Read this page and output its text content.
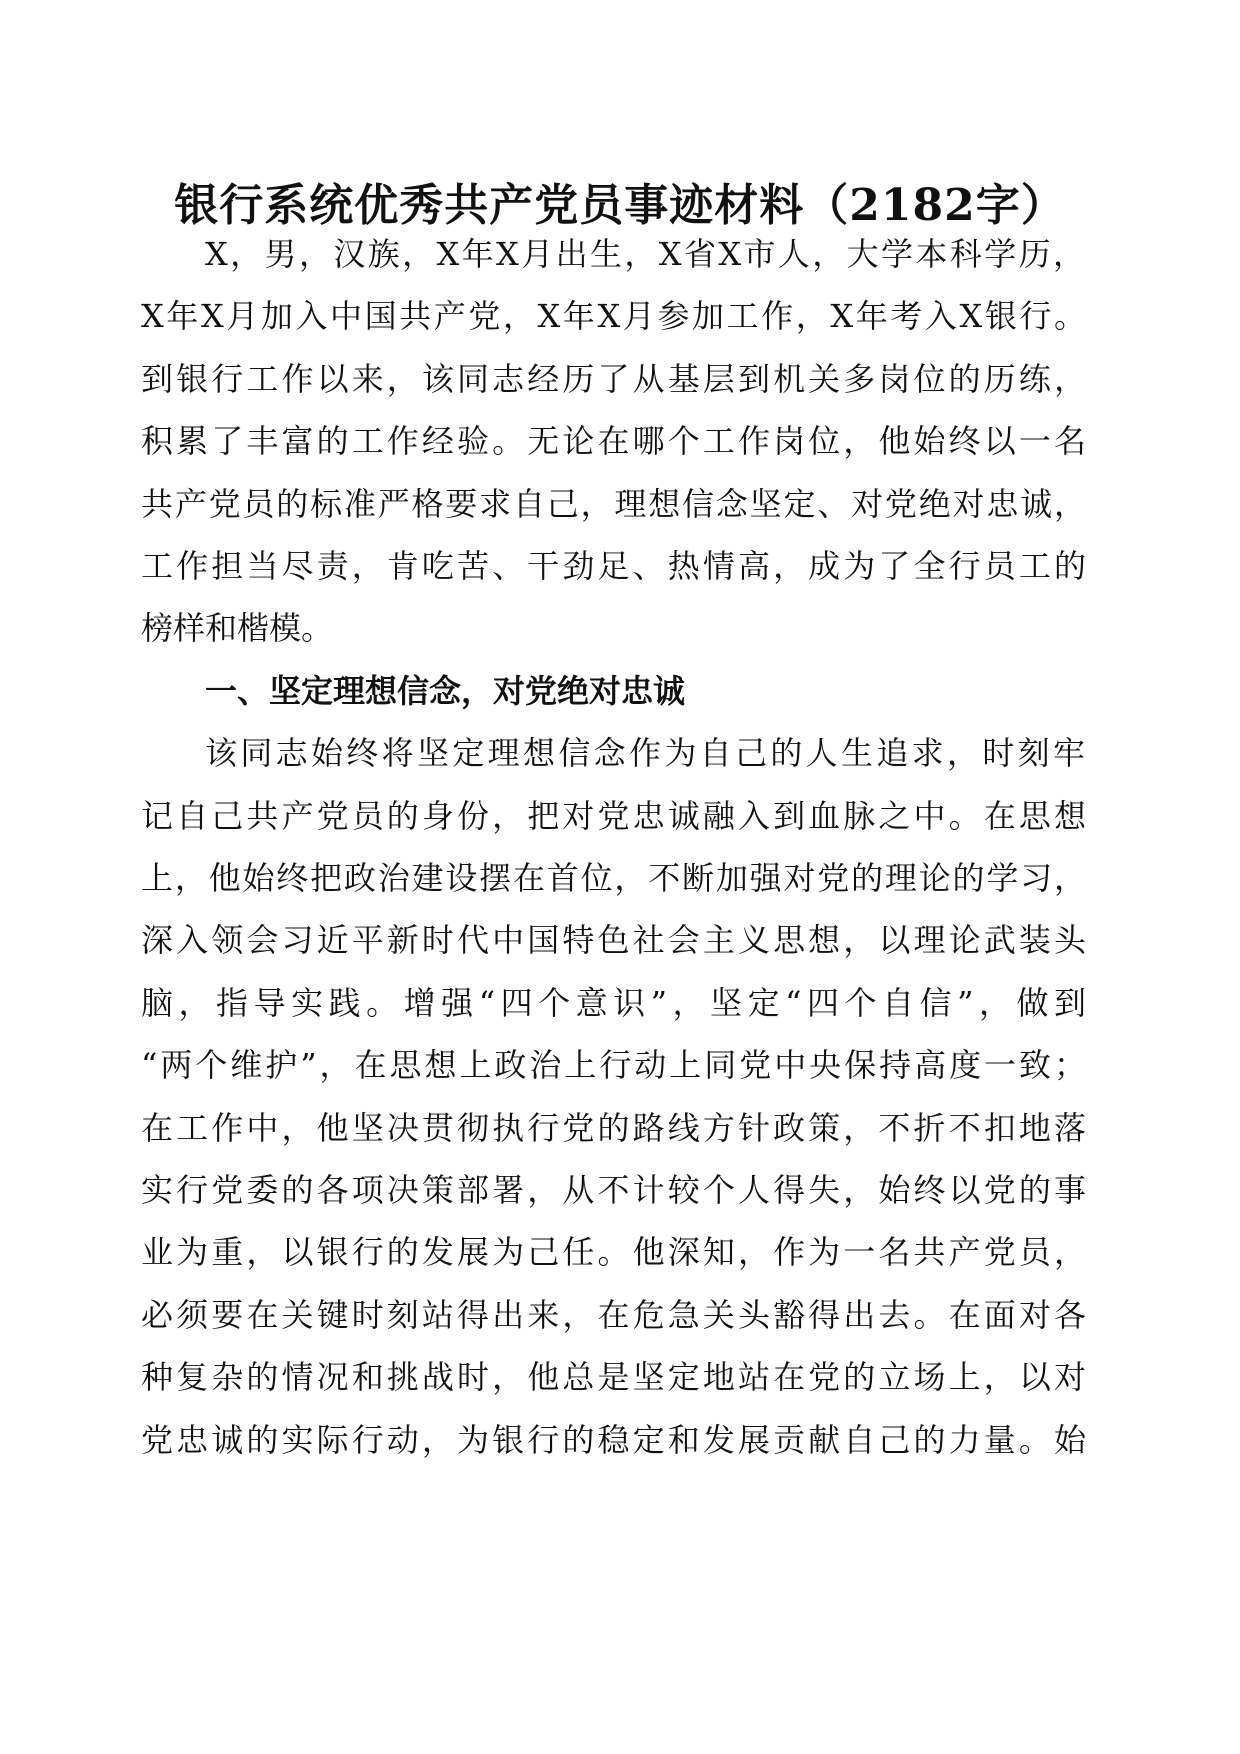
银行系统优秀共产党员事迹材料（2182字）

X，男，汉族，X年X月出生，X省X市人，大学本科学历，

X年X月加入中国共产党，X年X月参加工作，X年考入X银行。

到银行工作以来，该同志经历了从基层到机关多岗位的历练，

积累了丰富的工作经验。无论在哪个工作岗位，他始终以一名

共产党员的标准严格要求自己，理想信念坚定、对党绝对忠诚，

工作担当尽责，肯吃苦、干劲足、热情高，成为了全行员工的

榜样和楷模。

一、坚定理想信念，对党绝对忠诚

该同志始终将坚定理想信念作为自己的人生追求，时刻牢

记自己共产党员的身份，把对党忠诚融入到血脉之中。在思想

上，他始终把政治建设摆在首位，不断加强对党的理论的学习，

深入领会习近平新时代中国特色社会主义思想，以理论武装头

脑，指导实践。增强“四个意识”，坚定“四个自信”，做到

“两个维护”，在思想上政治上行动上同党中央保持高度一致；

在工作中，他坚决贯彻执行党的路线方针政策，不折不扣地落

实行党委的各项决策部署，从不计较个人得失，始终以党的事

业为重，以银行的发展为己任。他深知，作为一名共产党员，

必须要在关键时刻站得出来，在危急关头豁得出去。在面对各

种复杂的情况和挑战时，他总是坚定地站在党的立场上，以对

党忠诚的实际行动，为银行的稳定和发展贡献自己的力量。始
